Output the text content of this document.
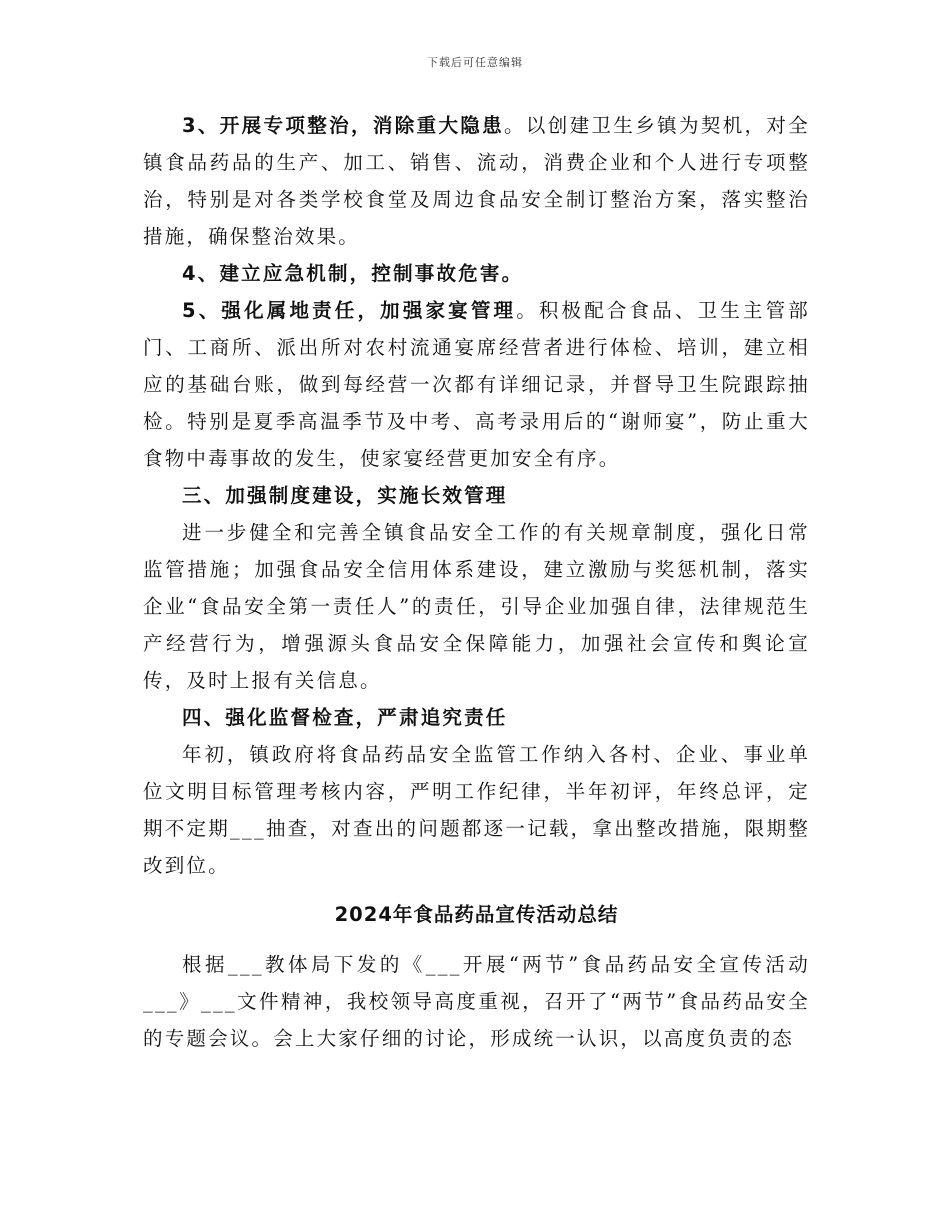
下载后可任意编辑

3、开展专项整治，消除重大隐患。以创建卫生乡镇为契机，对全镇食品药品的生产、加工、销售、流动，消费企业和个人进行专项整治，特别是对各类学校食堂及周边食品安全制订整治方案，落实整治措施，确保整治效果。

4、建立应急机制，控制事故危害。

5、强化属地责任，加强家宴管理。积极配合食品、卫生主管部门、工商所、派出所对农村流通宴席经营者进行体检、培训，建立相应的基础台账，做到每经营一次都有详细记录，并督导卫生院跟踪抽检。特别是夏季高温季节及中考、高考录用后的“谢师宴”，防止重大食物中毒事故的发生，使家宴经营更加安全有序。

三、加强制度建设，实施长效管理

进一步健全和完善全镇食品安全工作的有关规章制度，强化日常监管措施；加强食品安全信用体系建设，建立激励与奖惩机制，落实企业“食品安全第一责任人”的责任，引导企业加强自律，法律规范生产经营行为，增强源头食品安全保障能力，加强社会宣传和舆论宣传，及时上报有关信息。

四、强化监督检查，严肃追究责任

年初，镇政府将食品药品安全监管工作纳入各村、企业、事业单位文明目标管理考核内容，严明工作纪律，半年初评，年终总评，定期不定期___抽查，对查出的问题都逐一记载，拿出整改措施，限期整改到位。

2024年食品药品宣传活动总结

根据___教体局下发的《___开展“两节”食品药品安全宣传活动___》___文件精神，我校领导高度重视，召开了“两节”食品药品安全的专题会议。会上大家仔细的讨论，形成统一认识，以高度负责的态
